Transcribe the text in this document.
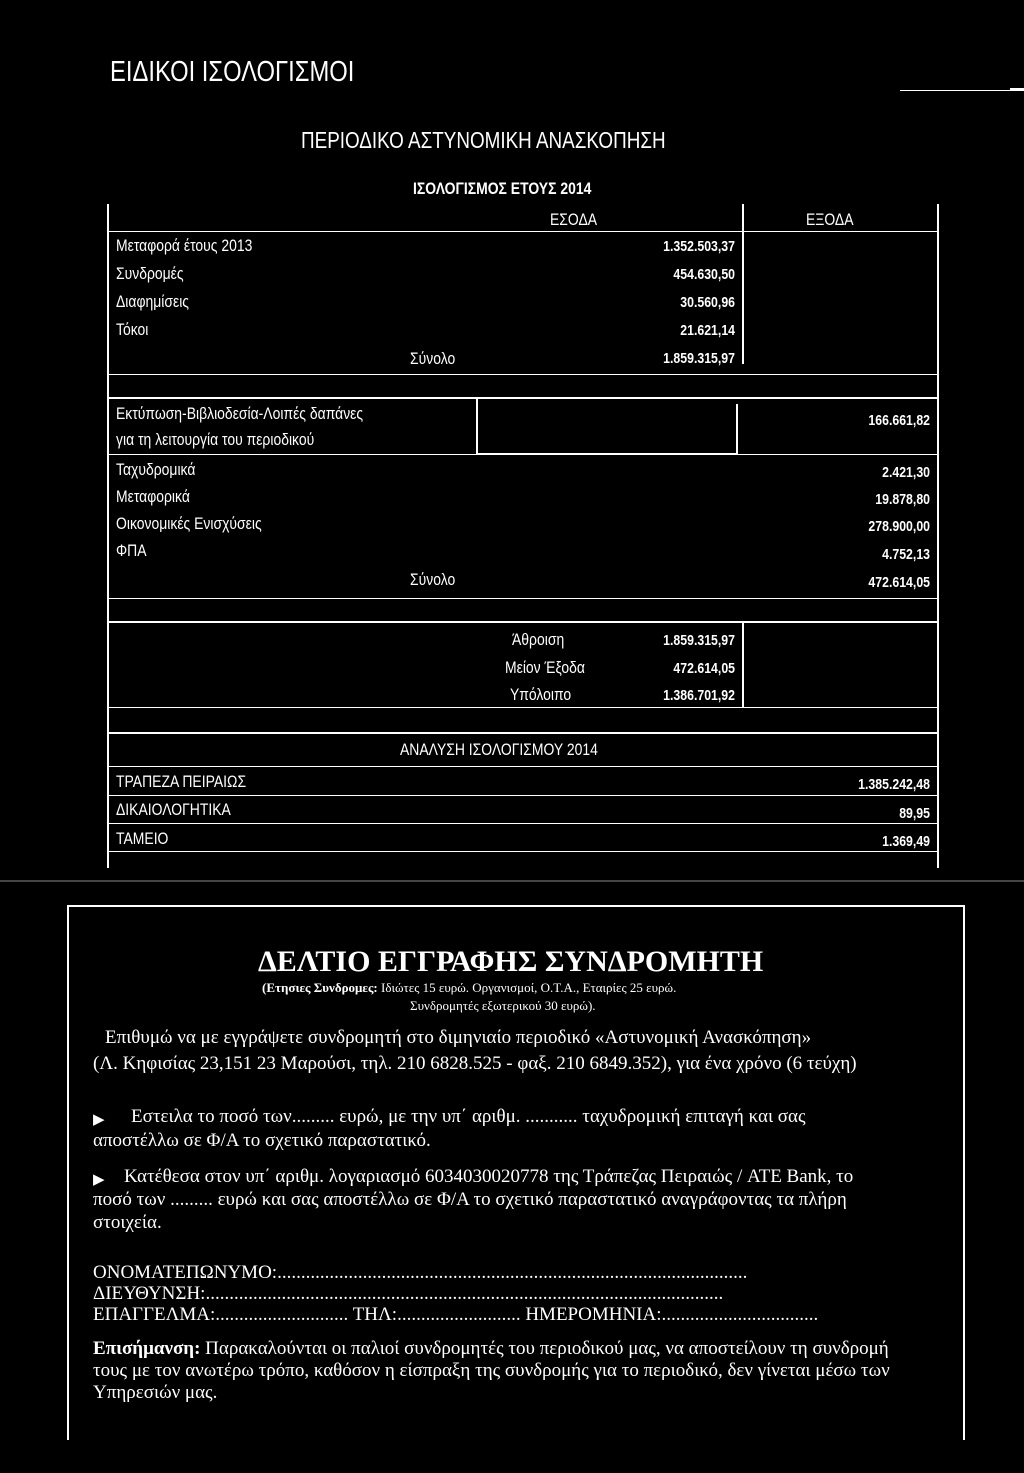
ΕΙΔΙΚΟΙ ΙΣΟΛΟΓΙΣΜΟΙ
ΠΕΡΙΟΔΙΚΟ ΑΣΤΥΝΟΜΙΚΗ ΑΝΑΣΚΟΠΗΣΗ
ΙΣΟΛΟΓΙΣΜΟΣ ΕΤΟΥΣ 2014
ΕΣΟΔΑ	ΕΞΟΔΑ
Μεταφορά έτους 2013	1.352.503,37
Συνδρομές	454.630,50
Διαφημίσεις	30.560,96
Τόκοι	21.621,14
Σύνολο	1.859.315,97
Εκτύπωση-Βιβλιοδεσία-Λοιπές δαπάνες
για τη λειτουργία του περιοδικού
166.661,82
Ταχυδρομικά	2.421,30
Μεταφορικά	19.878,80
Οικονομικές Ενισχύσεις	278.900,00
ΦΠΑ	4.752,13
Σύνολο	472.614,05
Άθροιση	1.859.315,97
Μείον Έξοδα	472.614,05
Υπόλοιπο	1.386.701,92
ΑΝΑΛΥΣΗ ΙΣΟΛΟΓΙΣΜΟΥ 2014
ΤΡΑΠΕΖΑ ΠΕΙΡΑΙΩΣ	1.385.242,48
ΔΙΚΑΙΟΛΟΓΗΤΙΚΑ	89,95
ΤΑΜΕΙΟ	1.369,49
ΔΕΛΤΙΟ ΕΓΓΡΑΦΗΣ ΣΥΝΔΡΟΜΗΤΗ
(Ετησιες Συνδρομες: Ιδιώτες 15 ευρώ. Οργανισμοί, Ο.Τ.Α., Εταιρίες 25 ευρώ.
Συνδρομητές εξωτερικού 30 ευρώ).
Επιθυμώ να με εγγράψετε συνδρομητή στο διμηνιαίο περιοδικό «Αστυνομική Ανασκόπηση»
(Λ. Κηφισίας 23,151 23 Μαρούσι, τηλ. 210 6828.525 - φαξ. 210 6849.352), για ένα χρόνο (6 τεύχη)
▶ Εστειλα το ποσό των......... ευρώ, με την υπ΄ αριθμ. ........... ταχυδρομική επιταγή και σας
αποστέλλω σε Φ/Α το σχετικό παραστατικό.
▶ Κατέθεσα στον υπ΄ αριθμ. λογαριασμό 6034030020778 της Τράπεζας Πειραιώς / ATE Bank, το
ποσό των ......... ευρώ και σας αποστέλλω σε Φ/Α το σχετικό παραστατικό αναγράφοντας τα πλήρη
στοιχεία.
ΟΝΟΜΑΤΕΠΩΝΥΜΟ:...................................................................................................
ΔΙΕΥΘΥΝΣΗ:.............................................................................................................
ΕΠΑΓΓΕΛΜΑ:............................ ΤΗΛ:.......................... ΗΜΕΡΟΜΗΝΙΑ:.................................
Επισήμανση: Παρακαλούνται οι παλιοί συνδρομητές του περιοδικού μας, να αποστείλουν τη συνδρομή
τους με τον ανωτέρω τρόπο, καθόσον η είσπραξη της συνδρομής για το περιοδικό, δεν γίνεται μέσω των
Υπηρεσιών μας.
